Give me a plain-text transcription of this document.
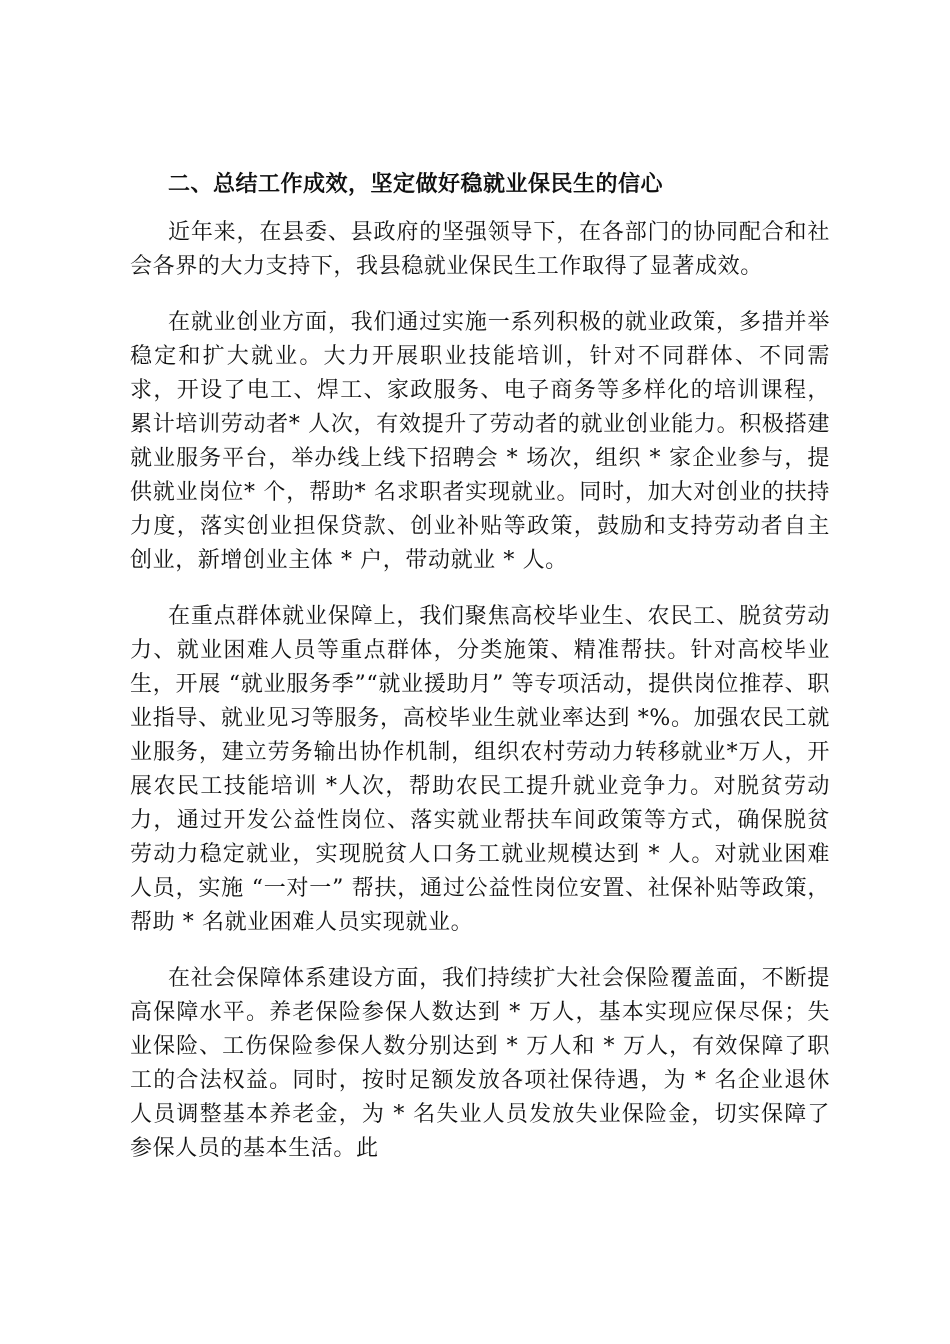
二、总结工作成效，坚定做好稳就业保民生的信心

近年来，在县委、县政府的坚强领导下，在各部门的协同配合和社会各界的大力支持下，我县稳就业保民生工作取得了显著成效。

在就业创业方面，我们通过实施一系列积极的就业政策，多措并举稳定和扩大就业。大力开展职业技能培训，针对不同群体、不同需求，开设了电工、焊工、家政服务、电子商务等多样化的培训课程，累计培训劳动者* 人次，有效提升了劳动者的就业创业能力。积极搭建就业服务平台，举办线上线下招聘会 * 场次，组织 * 家企业参与，提供就业岗位* 个，帮助* 名求职者实现就业。同时，加大对创业的扶持力度，落实创业担保贷款、创业补贴等政策，鼓励和支持劳动者自主创业，新增创业主体 * 户，带动就业 * 人。

在重点群体就业保障上，我们聚焦高校毕业生、农民工、脱贫劳动力、就业困难人员等重点群体，分类施策、精准帮扶。针对高校毕业生，开展 “就业服务季”“就业援助月” 等专项活动，提供岗位推荐、职业指导、就业见习等服务，高校毕业生就业率达到 *%。加强农民工就业服务，建立劳务输出协作机制，组织农村劳动力转移就业*万人，开展农民工技能培训 *人次，帮助农民工提升就业竞争力。对脱贫劳动力，通过开发公益性岗位、落实就业帮扶车间政策等方式，确保脱贫劳动力稳定就业，实现脱贫人口务工就业规模达到 * 人。对就业困难人员，实施 “一对一” 帮扶，通过公益性岗位安置、社保补贴等政策，帮助 * 名就业困难人员实现就业。

在社会保障体系建设方面，我们持续扩大社会保险覆盖面，不断提高保障水平。养老保险参保人数达到 * 万人，基本实现应保尽保；失业保险、工伤保险参保人数分别达到 * 万人和 * 万人，有效保障了职工的合法权益。同时，按时足额发放各项社保待遇，为 * 名企业退休人员调整基本养老金，为 * 名失业人员发放失业保险金，切实保障了参保人员的基本生活。此
